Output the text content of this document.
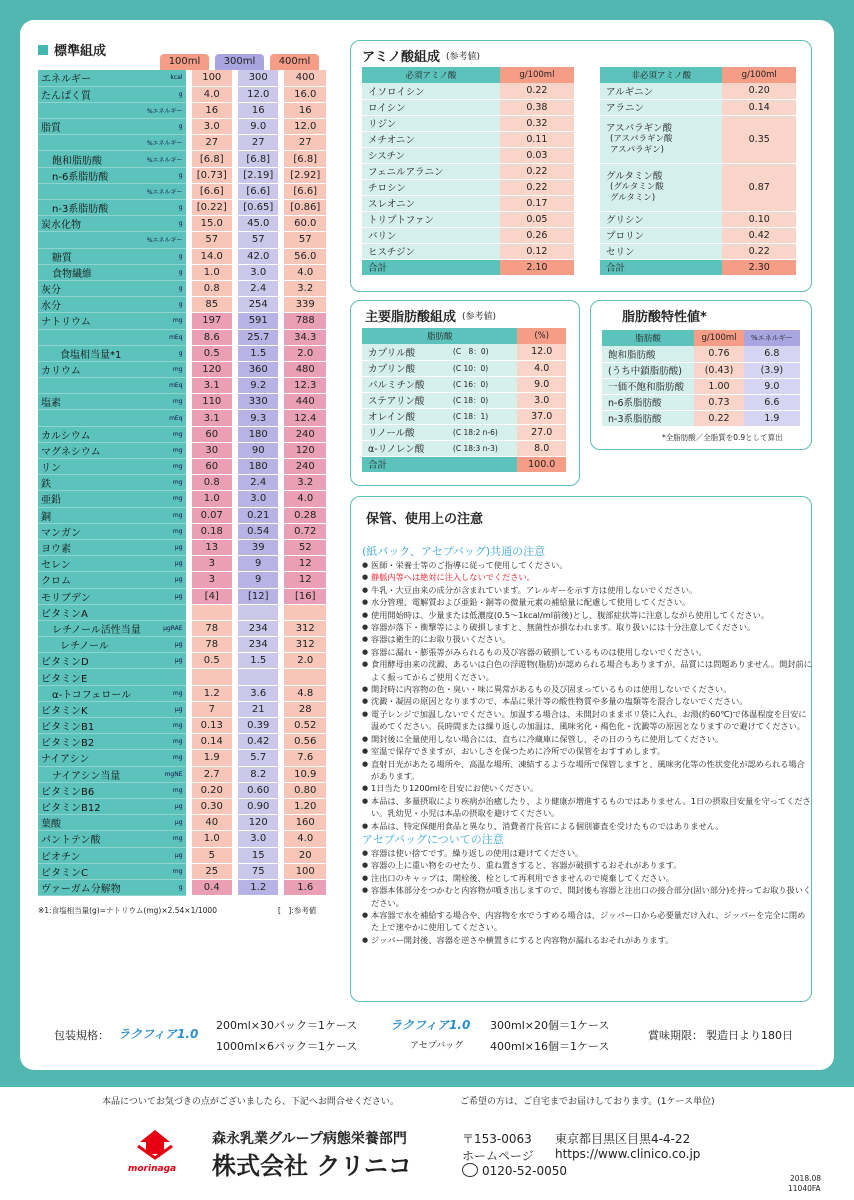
標準組成
100ml	300ml	400ml
エネルギー	kcal	100	300	400
たんぱく質	g	4.0	12.0	16.0
	%エネルギー	16	16	16
脂質	g	3.0	9.0	12.0
	%エネルギー	27	27	27
飽和脂肪酸	%エネルギー	[6.8]	[6.8]	[6.8]
n-6系脂肪酸	g	[0.73]	[2.19]	[2.92]
	%エネルギー	[6.6]	[6.6]	[6.6]
n-3系脂肪酸	g	[0.22]	[0.65]	[0.86]
炭水化物	g	15.0	45.0	60.0
	%エネルギー	57	57	57
糖質	g	14.0	42.0	56.0
食物繊維	g	1.0	3.0	4.0
灰分	g	0.8	2.4	3.2
水分	g	85	254	339
ナトリウム	mg	197	591	788
	mEq	8.6	25.7	34.3
食塩相当量*1	g	0.5	1.5	2.0
カリウム	mg	120	360	480
	mEq	3.1	9.2	12.3
塩素	mg	110	330	440
	mEq	3.1	9.3	12.4
カルシウム	mg	60	180	240
マグネシウム	mg	30	90	120
リン	mg	60	180	240
鉄	mg	0.8	2.4	3.2
亜鉛	mg	1.0	3.0	4.0
銅	mg	0.07	0.21	0.28
マンガン	mg	0.18	0.54	0.72
ヨウ素	μg	13	39	52
セレン	μg	3	9	12
クロム	μg	3	9	12
モリブデン	μg	[4]	[12]	[16]
ビタミンA				
レチノール活性当量	μgRAE	78	234	312
レチノール	μg	78	234	312
ビタミンD	μg	0.5	1.5	2.0
ビタミンE				
α-トコフェロール	mg	1.2	3.6	4.8
ビタミンK	μg	7	21	28
ビタミンB1	mg	0.13	0.39	0.52
ビタミンB2	mg	0.14	0.42	0.56
ナイアシン	mg	1.9	5.7	7.6
ナイアシン当量	mgNE	2.7	8.2	10.9
ビタミンB6	mg	0.20	0.60	0.80
ビタミンB12	μg	0.30	0.90	1.20
葉酸	μg	40	120	160
パントテン酸	mg	1.0	3.0	4.0
ビオチン	μg	5	15	20
ビタミンC	mg	25	75	100
ヴァーガム分解物	g	0.4	1.2	1.6
※1:食塩相当量(g)=ナトリウム(mg)×2.54×1/1000	[　]:参考値
アミノ酸組成 (参考値)
必須アミノ酸	g/100ml
イソロイシン	0.22
ロイシン	0.38
リジン	0.32
メチオニン	0.11
シスチン	0.03
フェニルアラニン	0.22
チロシン	0.22
スレオニン	0.17
トリプトファン	0.05
バリン	0.26
ヒスチジン	0.12
合計	2.10
非必須アミノ酸	g/100ml
アルギニン	0.20
アラニン	0.14

アスパラギン酸
(アスパラギン酸
アスパラギン)	0.35

グルタミン酸
(グルタミン酸
グルタミン)	0.87
グリシン	0.10
プロリン	0.42
セリン	0.22
合計	2.30
主要脂肪酸組成 (参考値)
脂肪酸		(%)
カプリル酸	(C　8：0)	12.0
カプリン酸	(C 10：0)	4.0
パルミチン酸	(C 16：0)	9.0
ステアリン酸	(C 18：0)	3.0
オレイン酸	(C 18：1)	37.0
リノール酸	(C 18:2 n-6)	27.0
α-リノレン酸	(C 18:3 n-3)	8.0
合計		100.0
脂肪酸特性値*
脂肪酸	g/100ml	%エネルギー
飽和脂肪酸	0.76	6.8
(うち中鎖脂肪酸)	(0.43)	(3.9)
一価不飽和脂肪酸	1.00	9.0
n-6系脂肪酸	0.73	6.6
n-3系脂肪酸	0.22	1.9
*全脂肪酸／全脂質を0.9として算出
保管、使用上の注意
(紙パック、アセプバッグ)共通の注意
● 医師・栄養士等のご指導に従って使用してください。
● 静脈内等へは絶対に注入しないでください。
● 牛乳・大豆由来の成分が含まれています。アレルギーを示す方は使用しないでください。
● 水分管理、電解質および亜鉛・銅等の微量元素の補給量に配慮して使用してください。
● 使用開始時は、少量または低濃度(0.5～1kcal/ml前後)とし、腹部症状等に注意しながら使用してください。
● 容器が落下・衝撃等により破損しますと、無菌性が損なわれます。取り扱いには十分注意してください。
● 容器は衛生的にお取り扱いください。
● 容器に漏れ・膨張等がみられるもの及び容器の破損しているものは使用しないでください。
● 食用酵母由来の沈澱、あるいは白色の浮遊物(脂肪)が認められる場合もありますが、品質には問題ありません。開封前によく振ってからご使用ください。
● 開封時に内容物の色・臭い・味に異常があるもの及び固まっているものは使用しないでください。
● 沈澱・凝固の原因となりますので、本品に果汁等の酸性物質や多量の塩類等を混合しないでください。
● 電子レンジで加温しないでください。加温する場合は、未開封のままボリ袋に入れ、お湯(約60℃)で体温程度を目安に温めてください。長時間または繰り返しの加温は、風味劣化・褐色化・沈澱等の原因となりますので避けてください。
● 開封後に全量使用しない場合には、直ちに冷蔵庫に保管し、その日のうちに使用してください。
● 室温で保存できますが、おいしさを保つために冷所での保管をおすすめします。
● 直射日光があたる場所や、高温な場所、凍結するような場所で保管しますと、風味劣化等の性状変化が認められる場合があります。
● 1日当たり1200mlを目安にお使いください。
● 本品は、多量摂取により疾病が治癒したり、より健康が増進するものではありません。1日の摂取目安量を守ってください。乳幼児・小児は本品の摂取を避けてください。
● 本品は、特定保健用食品と異なり、消費者庁長官による個別審査を受けたものではありません。
アセプバッグについての注意
● 容器は使い捨てです。繰り返しの使用は避けてください。
● 容器の上に重い物をのせたり、重ね置きすると、容器が破損するおそれがあります。
● 注出口のキャップは、開栓後、栓として再利用できませんので廃棄してください。
● 容器本体部分をつかむと内容物が噴き出しますので、開封後も容器と注出口の接合部分(固い部分)を持ってお取り扱いください。
● 本容器で水を補給する場合や、内容物を水でうすめる場合は、ジッパー口から必要量だけ入れ、ジッパーを完全に閉めた上で速やかに使用してください。
● ジッパー開封後、容器を逆さや横置きにすると内容物が漏れるおそれがあります。
包装規格： ラクフィア1.0
200ml×30パック＝1ケース
1000ml×6パック＝1ケース
ラクフィア1.0
アセプバッグ
300ml×20個＝1ケース
400ml×16個＝1ケース
賞味期限： 製造日より180日
本品についてお気づきの点がございましたら、下記へお問合せください。	ご希望の方は、ご自宅までお届けしております。(1ケース単位)
morinaga
森永乳業グループ病態栄養部門
株式会社 クリニコ
〒153-0063 東京都目黒区目黒4-4-22
ホームページ https://www.clinico.co.jp
0120-52-0050
2018.08
11040FA
